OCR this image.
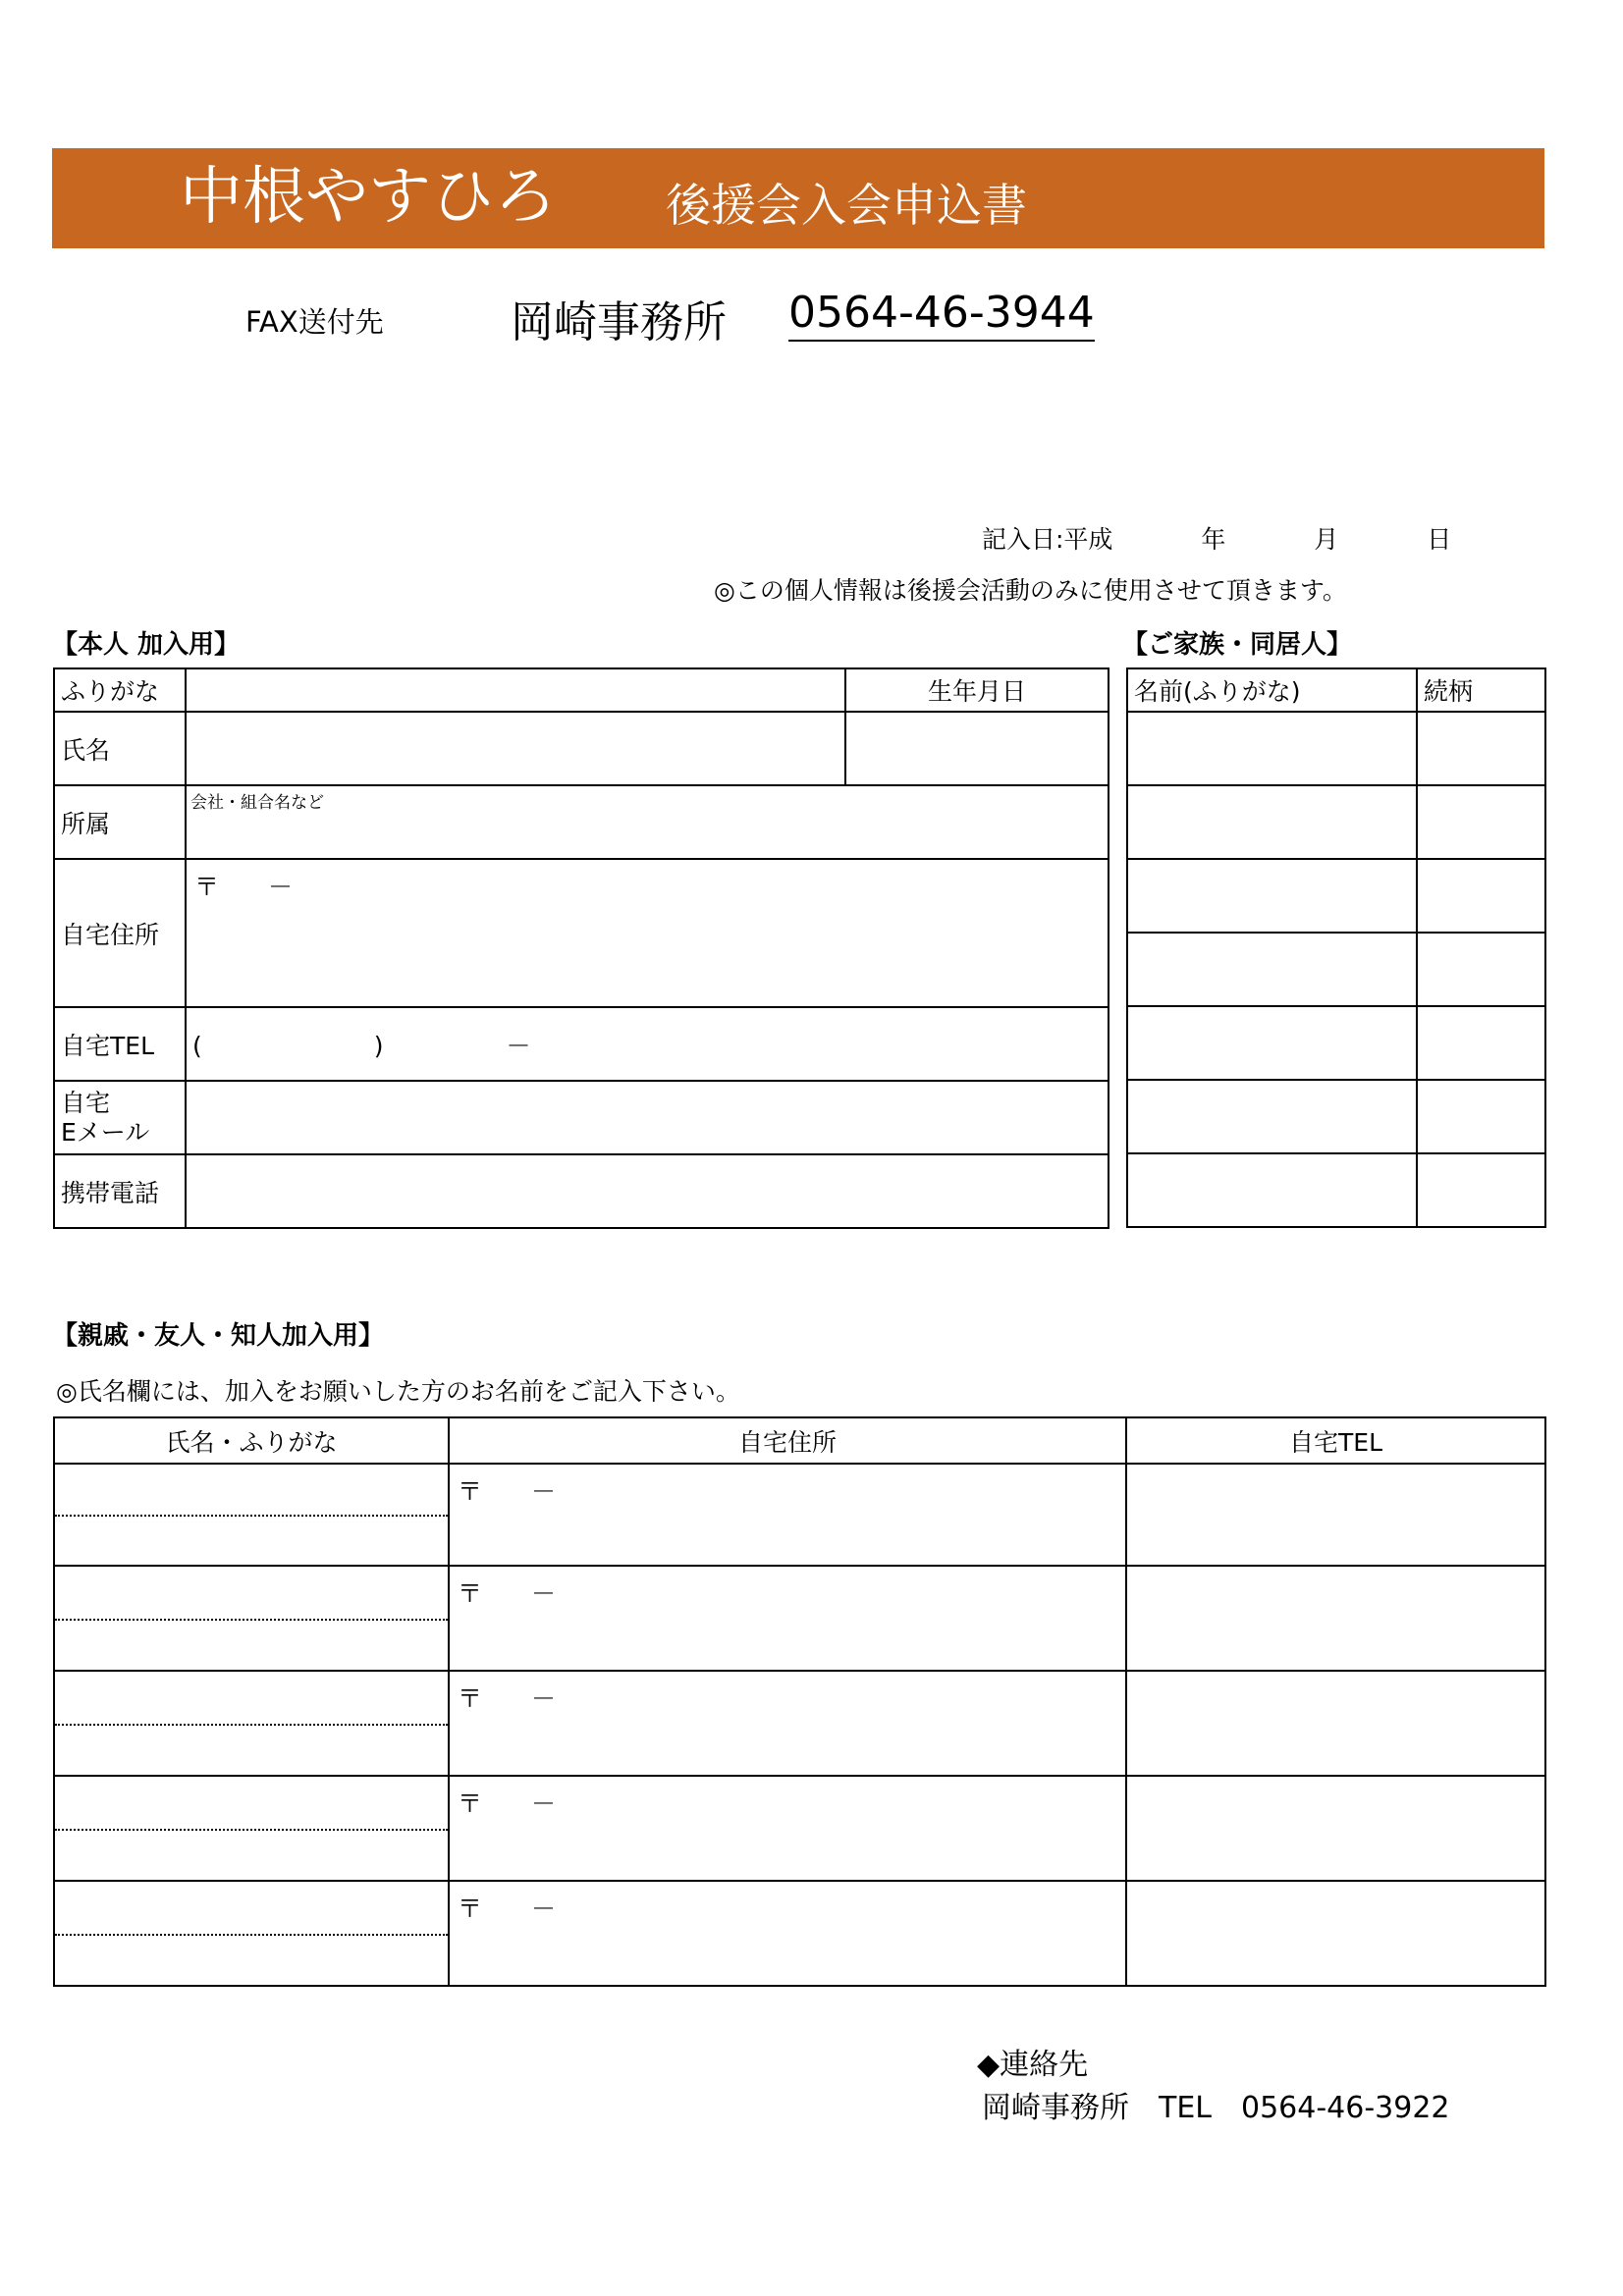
中根やすひろ 後援会入会申込書
FAX送付先	岡崎事務所 0564-46-3944
記入日:平成	年	月	日
◎この個人情報は後援会活動のみに使用させて頂きます。
【本人 加入用】	【ご家族・同居人】
ふりがな		生年月日
氏名		
所属	会社・組合名など	

自宅住所	〒　　－	

自宅TEL	(　　　　　　　)　　　　　－	

自宅
Eメール		

携帯電話		
名前(ふりがな)	続柄

【親戚・友人・知人加入用】
◎氏名欄には、加入をお願いした方のお名前をご記入下さい。
氏名・ふりがな	自宅住所	自宅TEL

	〒　　－	

	〒　　－	

	〒　　－	

	〒　　－	

	〒　　－	

◆連絡先
岡崎事務所　TEL　0564-46-3922
